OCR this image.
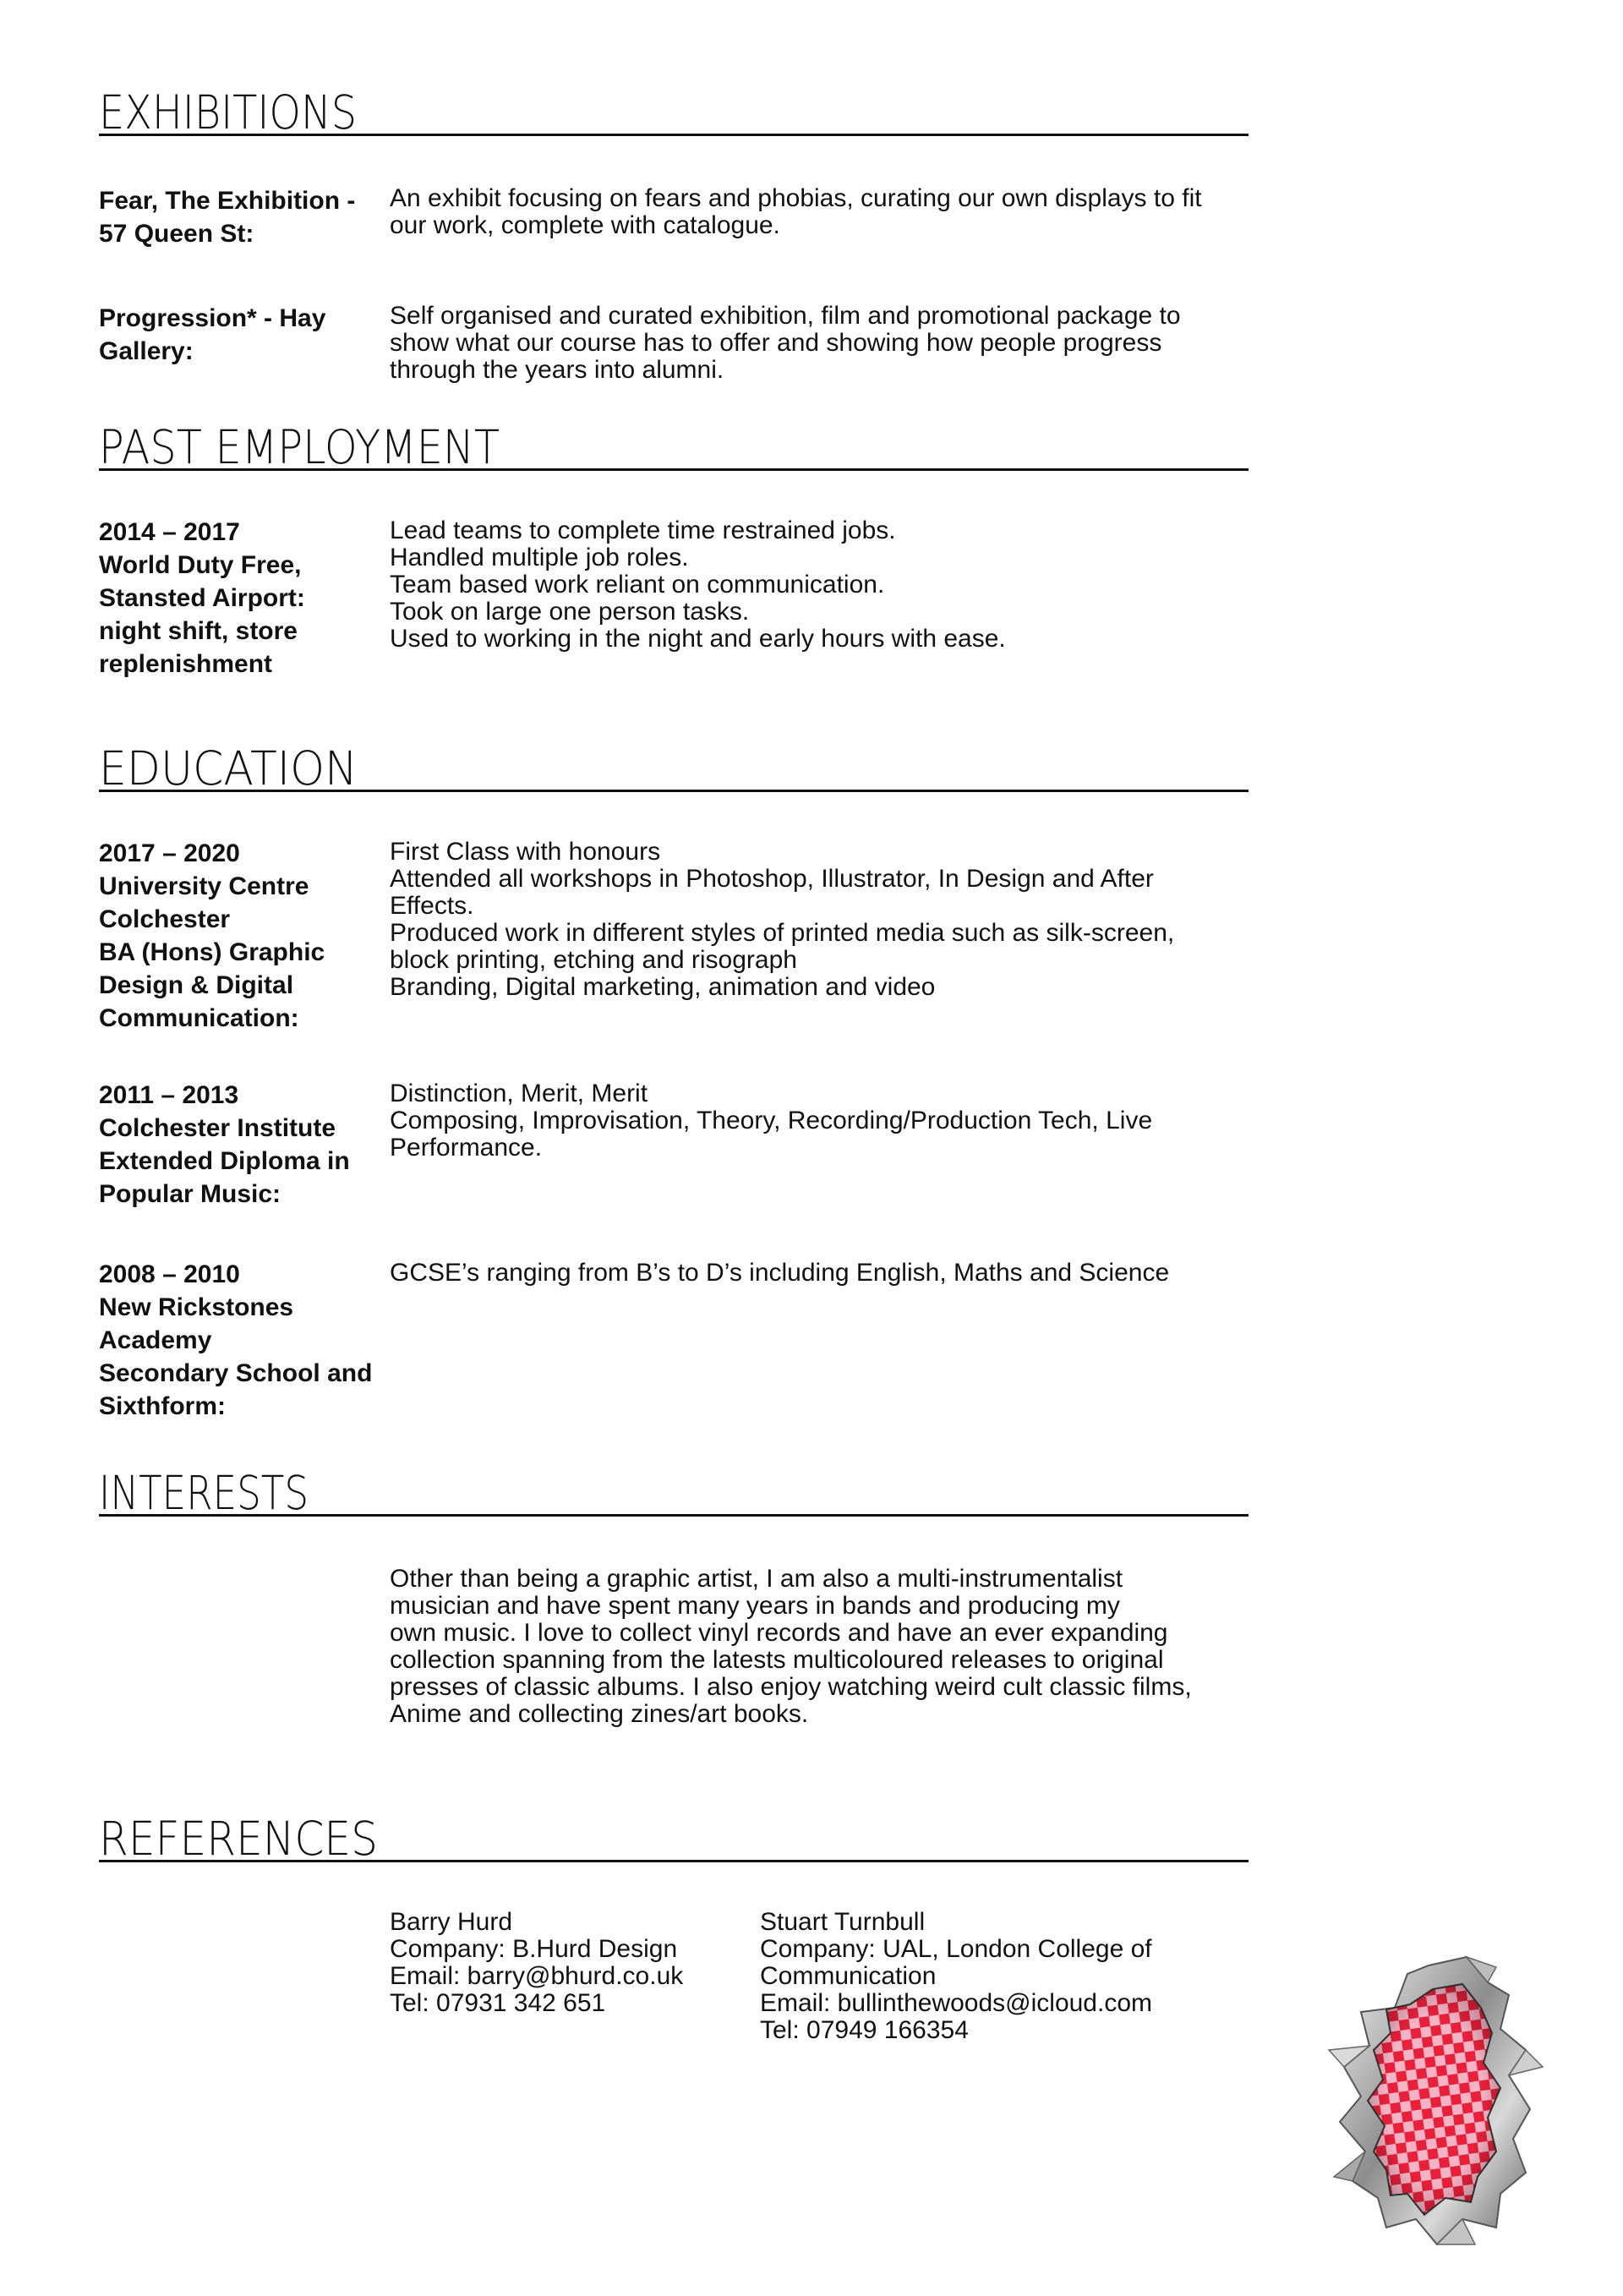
EXHIBITIONS
Fear, The Exhibition -
57 Queen St:
An exhibit focusing on fears and phobias, curating our own displays to fit
our work, complete with catalogue.
Progression* - Hay
Gallery:
Self organised and curated exhibition, film and promotional package to
show what our course has to offer and showing how people progress
through the years into alumni.
PAST EMPLOYMENT
2014 – 2017
World Duty Free,
Stansted Airport:
night shift, store
replenishment
Lead teams to complete time restrained jobs.
Handled multiple job roles.
Team based work reliant on communication.
Took on large one person tasks.
Used to working in the night and early hours with ease.
EDUCATION
2017 – 2020
University Centre
Colchester
BA (Hons) Graphic
Design & Digital
Communication:
First Class with honours
Attended all workshops in Photoshop, Illustrator, In Design and After
Effects.
Produced work in different styles of printed media such as silk-screen,
block printing, etching and risograph
Branding, Digital marketing, animation and video
2011 – 2013
Colchester Institute
Extended Diploma in
Popular Music:
Distinction, Merit, Merit
Composing, Improvisation, Theory, Recording/Production Tech, Live
Performance.
2008 – 2010
New Rickstones
Academy
Secondary School and
Sixthform:
GCSE’s ranging from B’s to D’s including English, Maths and Science
INTERESTS
Other than being a graphic artist, I am also a multi-instrumentalist
musician and have spent many years in bands and producing my
own music. I love to collect vinyl records and have an ever expanding
collection spanning from the latests multicoloured releases to original
presses of classic albums. I also enjoy watching weird cult classic films,
Anime and collecting zines/art books.
REFERENCES
Barry Hurd
Company: B.Hurd Design
Email: barry@bhurd.co.uk
Tel: 07931 342 651
Stuart Turnbull
Company: UAL, London College of
Communication
Email: bullinthewoods@icloud.com
Tel: 07949 166354
